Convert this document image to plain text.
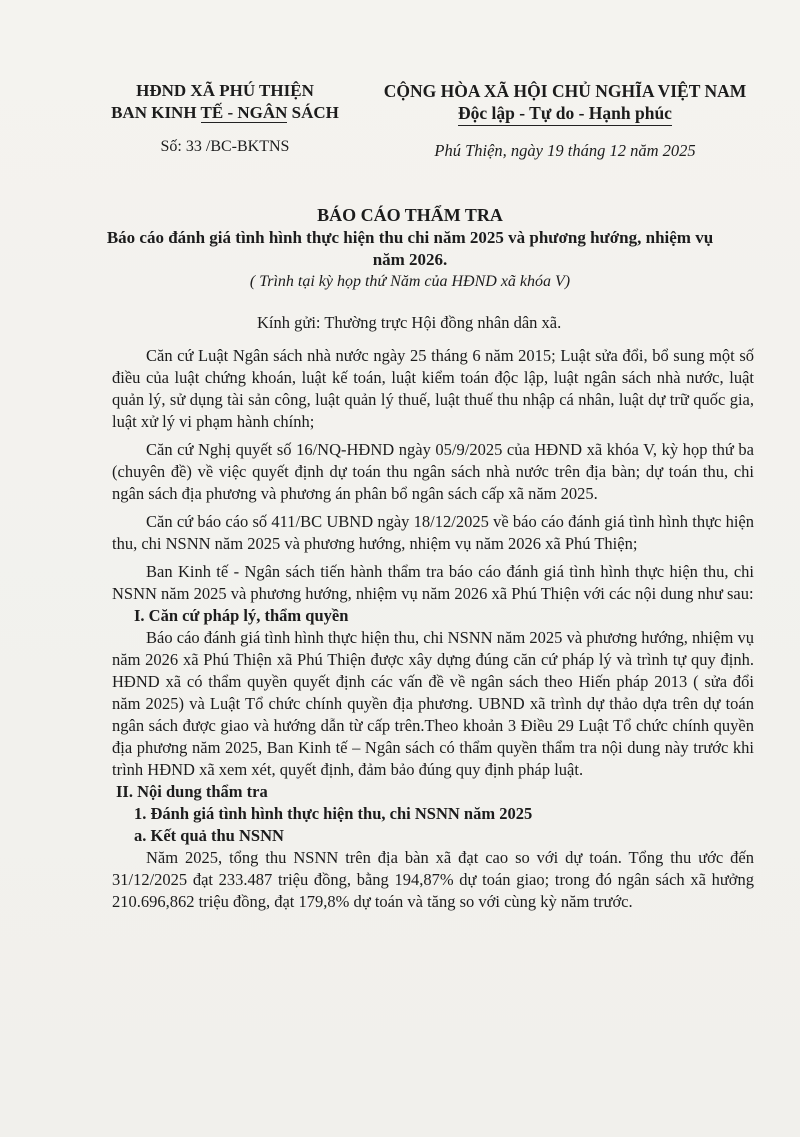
HĐND XÃ PHÚ THIỆN
BAN KINH TẾ - NGÂN SÁCH
Số: 33 /BC-BKTNS
CỘNG HÒA XÃ HỘI CHỦ NGHĨA VIỆT NAM
Độc lập - Tự do - Hạnh phúc
Phú Thiện, ngày 19 tháng 12 năm 2025
BÁO CÁO THẨM TRA
Báo cáo đánh giá tình hình thực hiện thu chi năm 2025 và phương hướng, nhiệm vụ năm 2026.
( Trình tại kỳ họp thứ Năm của HĐND xã khóa V)
Kính gửi: Thường trực Hội đồng nhân dân xã.

Căn cứ Luật Ngân sách nhà nước ngày 25 tháng 6 năm 2015; Luật sửa đổi, bổ sung một số điều của luật chứng khoán, luật kế toán, luật kiểm toán độc lập, luật ngân sách nhà nước, luật quản lý, sử dụng tài sản công, luật quản lý thuế, luật thuế thu nhập cá nhân, luật dự trữ quốc gia, luật xử lý vi phạm hành chính;

Căn cứ Nghị quyết số 16/NQ-HĐND ngày 05/9/2025 của HĐND xã khóa V, kỳ họp thứ ba (chuyên đề) về việc quyết định dự toán thu ngân sách nhà nước trên địa bàn; dự toán thu, chi ngân sách địa phương và phương án phân bổ ngân sách cấp xã năm 2025.

Căn cứ báo cáo số 411/BC UBND ngày 18/12/2025 về báo cáo đánh giá tình hình thực hiện thu, chi NSNN năm 2025 và phương hướng, nhiệm vụ năm 2026 xã Phú Thiện;

Ban Kinh tế - Ngân sách tiến hành thẩm tra báo cáo đánh giá tình hình thực hiện thu, chi NSNN năm 2025 và phương hướng, nhiệm vụ năm 2026 xã Phú Thiện với các nội dung như sau:

I. Căn cứ pháp lý, thẩm quyền

Báo cáo đánh giá tình hình thực hiện thu, chi NSNN năm 2025 và phương hướng, nhiệm vụ năm 2026 xã Phú Thiện xã Phú Thiện được xây dựng đúng căn cứ pháp lý và trình tự quy định. HĐND xã có thẩm quyền quyết định các vấn đề về ngân sách theo Hiến pháp 2013 ( sửa đổi năm 2025) và Luật Tổ chức chính quyền địa phương. UBND xã trình dự thảo dựa trên dự toán ngân sách được giao và hướng dẫn từ cấp trên.Theo khoản 3 Điều 29 Luật Tổ chức chính quyền địa phương năm 2025, Ban Kinh tế – Ngân sách có thẩm quyền thẩm tra nội dung này trước khi trình HĐND xã xem xét, quyết định, đảm bảo đúng quy định pháp luật.

II. Nội dung thẩm tra
1. Đánh giá tình hình thực hiện thu, chi NSNN năm 2025
a. Kết quả thu NSNN

Năm 2025, tổng thu NSNN trên địa bàn xã đạt cao so với dự toán. Tổng thu ước đến 31/12/2025 đạt 233.487 triệu đồng, bằng 194,87% dự toán giao; trong đó ngân sách xã hưởng 210.696,862 triệu đồng, đạt 179,8% dự toán và tăng so với cùng kỳ năm trước.
